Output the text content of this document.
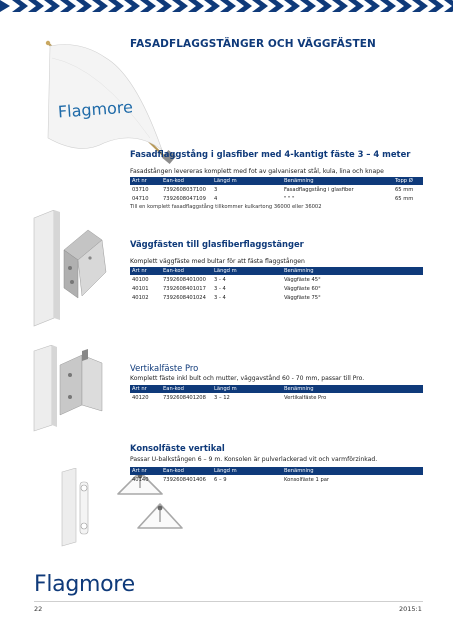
FASADFLAGGSTÄNGER OCH VÄGGFÄSTEN
Flagmore
Fasadflaggstång i glasfiber med 4-kantigt fäste 3 – 4 meter
Fasadstången levereras komplett med fot av galvaniserat stål, kula, lina och knape
Art nr	Ean-kod	Längd m	Benämning	Topp Ø
03710	7392608037100 3	Fasadflaggstång i glasfiber	65 mm
04710	7392608047109 4	" " "	65 mm
Till en komplett fasadflaggstång tillkommer kulkartong 36000 eller 36002
Väggfästen till glasfiberflaggstänger
Komplett väggfäste med bultar för att fästa flaggstången
Art nr	Ean-kod	Längd m	Benämning
40100	7392608401000 3 - 4	Väggfäste 45°
40101	7392608401017 3 - 4	Väggfäste 60°
40102	7392608401024 3 - 4	Väggfäste 75°
Vertikalfäste Pro
Komplett fäste inkl bult och mutter, väggavstånd 60 - 70 mm, passar till Pro.
Art nr	Ean-kod	Längd m	Benämning
40120	7392608401208 3 – 12	Vertikalfäste Pro
Konsolfäste vertikal
Passar U-balkstången 6 – 9 m. Konsolen är pulverlackerad vit och varmförzinkad.
Art nr	Ean-kod	Längd m	Benämning
40140	7392608401406 6 – 9	Konsolfäste 1 par
Flagmore
22	2015:1
